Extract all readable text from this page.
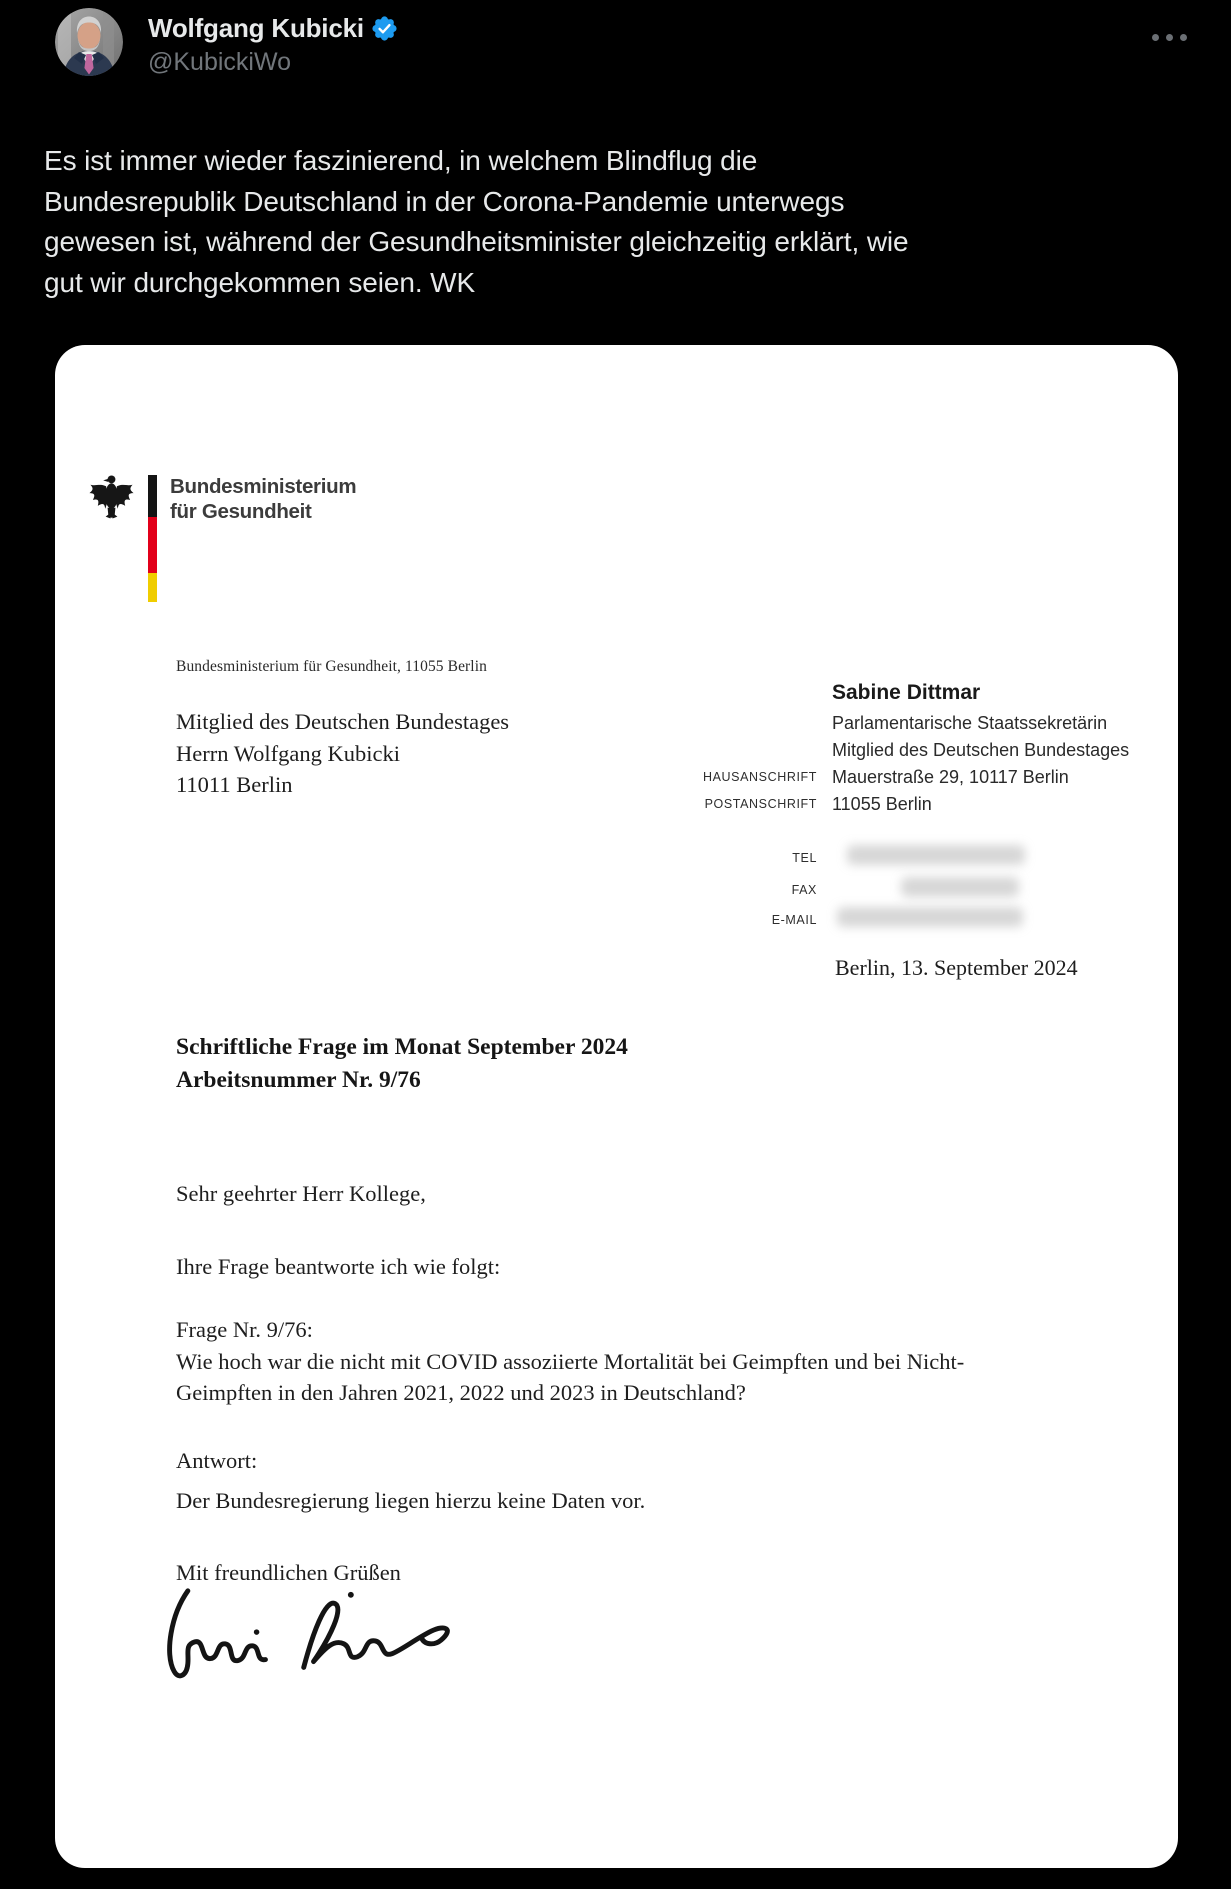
Wolfgang Kubicki
@KubickiWo
Es ist immer wieder faszinierend, in welchem Blindflug die
Bundesrepublik Deutschland in der Corona-Pandemie unterwegs
gewesen ist, während der Gesundheitsminister gleichzeitig erklärt, wie
gut wir durchgekommen seien. WK
Bundesministerium
für Gesundheit
Bundesministerium für Gesundheit, 11055 Berlin
Mitglied des Deutschen Bundestages
Herrn Wolfgang Kubicki
11011 Berlin
Sabine Dittmar
Parlamentarische Staatssekretärin
Mitglied des Deutschen Bundestages
HAUSANSCHRIFT Mauerstraße 29, 10117 Berlin
POSTANSCHRIFT 11055 Berlin
TEL
FAX
E-MAIL
Berlin, 13. September 2024
Schriftliche Frage im Monat September 2024
Arbeitsnummer Nr. 9/76
Sehr geehrter Herr Kollege,
Ihre Frage beantworte ich wie folgt:
Frage Nr. 9/76:
Wie hoch war die nicht mit COVID assoziierte Mortalität bei Geimpften und bei Nicht-
Geimpften in den Jahren 2021, 2022 und 2023 in Deutschland?
Antwort:
Der Bundesregierung liegen hierzu keine Daten vor.
Mit freundlichen Grüßen
